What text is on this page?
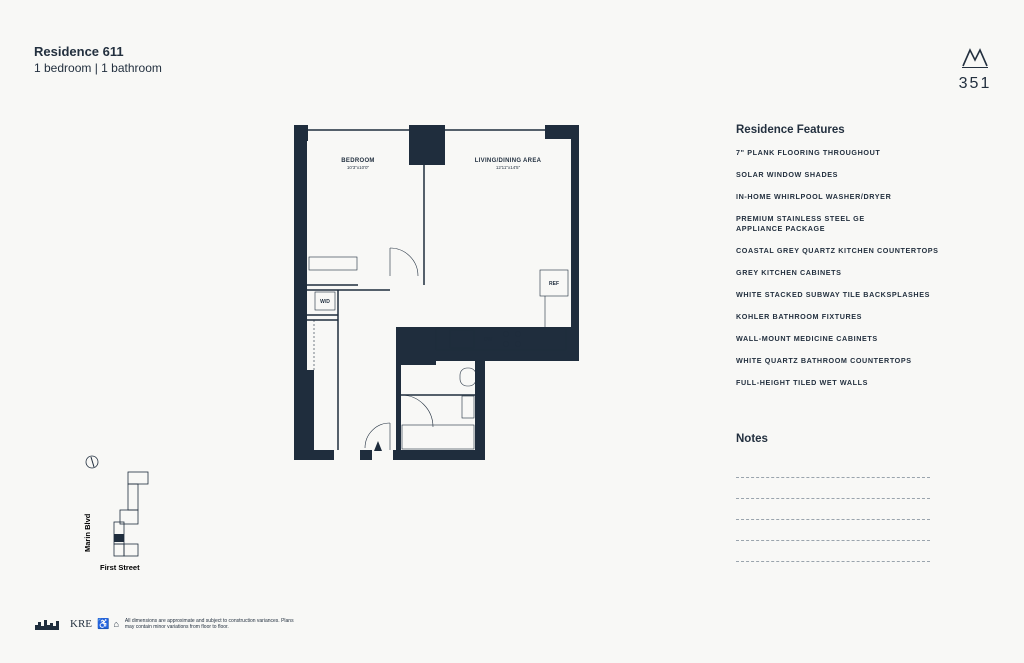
Residence 611
1 bedroom | 1 bathroom
351
BEDROOM
10'3"x10'0"
LIVING/DINING AREA
12'11"x14'5"
W/D
REF
DW
Residence Features
7" PLANK FLOORING THROUGHOUT
SOLAR WINDOW SHADES
IN-HOME WHIRLPOOL WASHER/DRYER
PREMIUM STAINLESS STEEL GE
APPLIANCE PACKAGE
COASTAL GREY QUARTZ KITCHEN COUNTERTOPS
GREY KITCHEN CABINETS
WHITE STACKED SUBWAY TILE BACKSPLASHES
KOHLER BATHROOM FIXTURES
WALL-MOUNT MEDICINE CABINETS
WHITE QUARTZ BATHROOM COUNTERTOPS
FULL-HEIGHT TILED WET WALLS
Notes
Marin Blvd
First Street
KRE ♿ ⌂ All dimensions are approximate and subject to construction variances. Plans may contain minor variations from floor to floor.
